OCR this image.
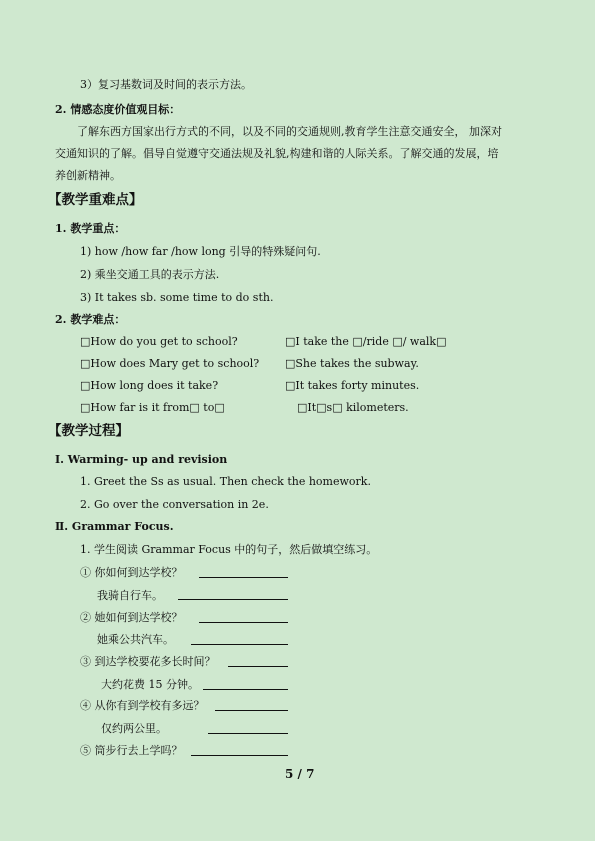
3）复习基数词及时间的表示方法。
2. 情感态度价值观目标：
了解东西方国家出行方式的不同，以及不同的交通规则,教育学生注意交通安全， 加深对
交通知识的了解。倡导自觉遵守交通法规及礼貌,构建和谐的人际关系。了解交通的发展，培
养创新精神。
【教学重难点】
1. 教学重点：
1) how /how far /how long 引导的特殊疑问句.
2) 乘坐交通工具的表示方法.
3) It takes sb. some time to do sth.
2. 教学难点：
□How do you get to school?	□I take the □/ride □/ walk□
□How does Mary get to school? □She takes the subway.
□How long does it take?	□It takes forty minutes.
□How far is it from□ to□	□It□s□ kilometers.
【教学过程】
Ⅰ. Warming- up and revision
1. Greet the Ss as usual. Then check the homework.
2. Go over the conversation in 2e.
Ⅱ. Grammar Focus.
1. 学生阅读 Grammar Focus 中的句子，然后做填空练习。
① 你如何到达学校？
我骑自行车。
② 她如何到达学校？
她乘公共汽车。
③ 到达学校要花多长时间？
大约花费 15 分钟。
④ 从你有到学校有多远？
仅约两公里。
⑤ 筒步行去上学吗？
5 / 7
